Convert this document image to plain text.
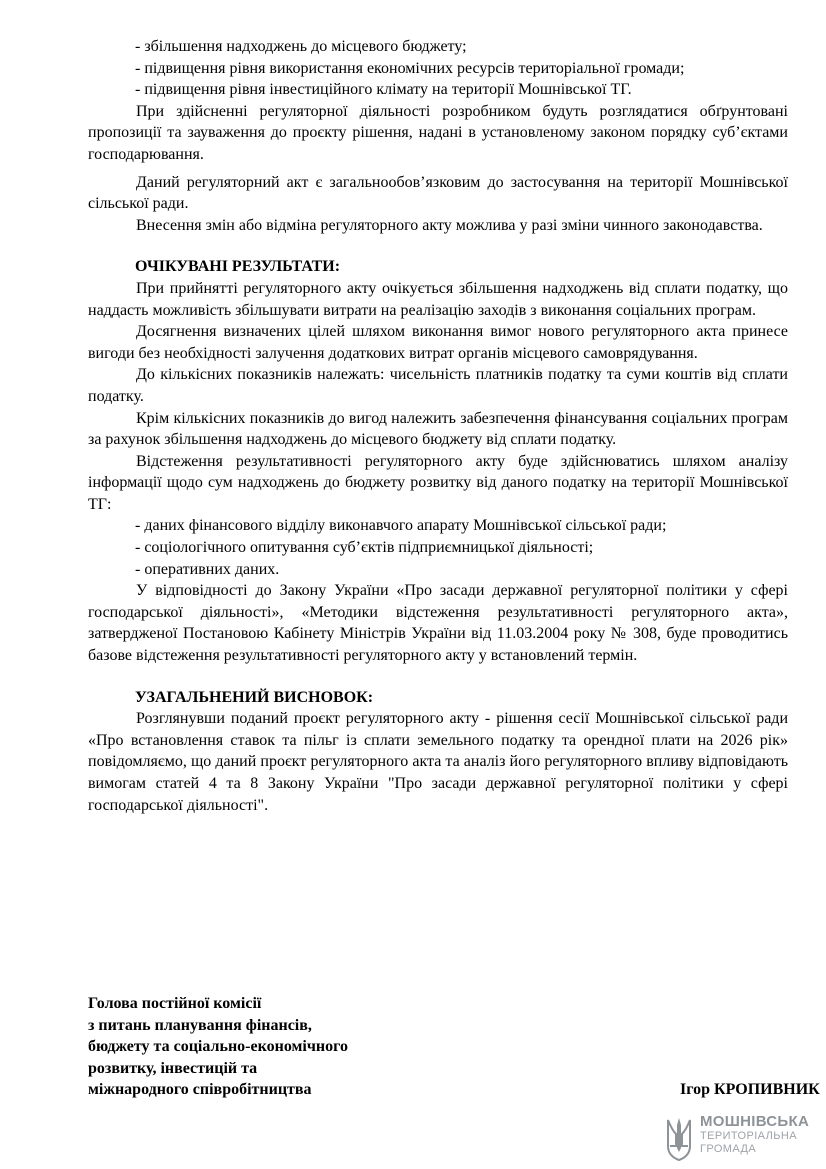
- збільшення надходжень до місцевого бюджету;

- підвищення рівня використання економічних ресурсів територіальної громади;

- підвищення рівня інвестиційного клімату на території Мошнівської ТГ.

При здійсненні регуляторної діяльності розробником будуть розглядатися обґрунтовані пропозиції та зауваження до проєкту рішення, надані в установленому законом порядку суб’єктами господарювання.

Даний регуляторний акт є загальнообов’язковим до застосування на території Мошнівської сільської ради.

Внесення змін або відміна регуляторного акту можлива у разі зміни чинного законодавства.

ОЧІКУВАНІ РЕЗУЛЬТАТИ:

При прийнятті регуляторного акту очікується збільшення надходжень від сплати податку, що наддасть можливість збільшувати витрати на реалізацію заходів з виконання соціальних програм.

Досягнення визначених цілей шляхом виконання вимог нового регуляторного акта принесе вигоди без необхідності залучення додаткових витрат органів місцевого самоврядування.

До кількісних показників належать: чисельність платників податку та суми коштів від сплати податку.

Крім кількісних показників до вигод належить забезпечення фінансування соціальних програм за рахунок збільшення надходжень до місцевого бюджету від сплати податку.

Відстеження результативності регуляторного акту буде здійснюватись шляхом аналізу інформації щодо сум надходжень до бюджету розвитку від даного податку на території Мошнівської ТГ:

- даних фінансового відділу виконавчого апарату Мошнівської сільської ради;

- соціологічного опитування суб’єктів підприємницької діяльності;

- оперативних даних.

У відповідності до Закону України «Про засади державної регуляторної політики у сфері господарської діяльності», «Методики відстеження результативності регуляторного акта», затвердженої Постановою Кабінету Міністрів України від 11.03.2004 року № 308, буде проводитись базове відстеження результативності регуляторного акту у встановлений термін.

УЗАГАЛЬНЕНИЙ ВИСНОВОК:

Розглянувши поданий проєкт регуляторного акту - рішення сесії Мошнівської сільської ради «Про встановлення ставок та пільг із сплати земельного податку та орендної плати на 2026 рік» повідомляємо, що даний проєкт регуляторного акта та аналіз його регуляторного впливу відповідають вимогам статей 4 та 8 Закону України "Про засади державної регуляторної політики у сфері господарської діяльності".

Голова постійної комісії

з питань планування фінансів,

бюджету та соціально-економічного

розвитку, інвестицій та

міжнародного співробітництва	Ігор КРОПИВНИК
МОШНІВСЬКА
ТЕРИТОРІАЛЬНА
ГРОМАДА
